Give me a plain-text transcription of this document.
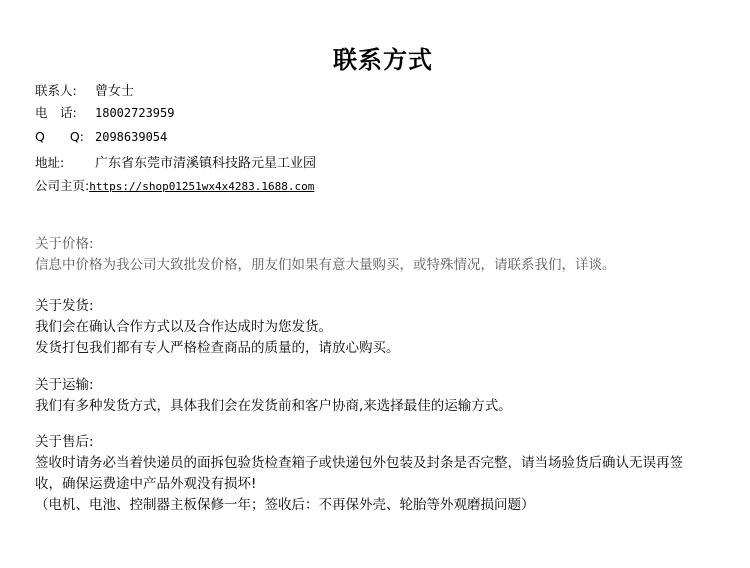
联系方式
联系人: 曾女士
电　话: 18002723959
Q　　Q: 2098639054
地址: 广东省东莞市清溪镇科技路元星工业园
公司主页:https://shop01251wx4x4283.1688.com

关于价格:

信息中价格为我公司大致批发价格，朋友们如果有意大量购买，或特殊情况，请联系我们，详谈。

关于发货:

我们会在确认合作方式以及合作达成时为您发货。

发货打包我们都有专人严格检查商品的质量的，请放心购买。

关于运输:

我们有多种发货方式，具体我们会在发货前和客户协商,来选择最佳的运输方式。

关于售后:

签收时请务必当着快递员的面拆包验货检查箱子或快递包外包装及封条是否完整，请当场验货后确认无误再签

收，确保运费途中产品外观没有损坏!

（电机、电池、控制器主板保修一年；签收后：不再保外壳、轮胎等外观磨损问题）
